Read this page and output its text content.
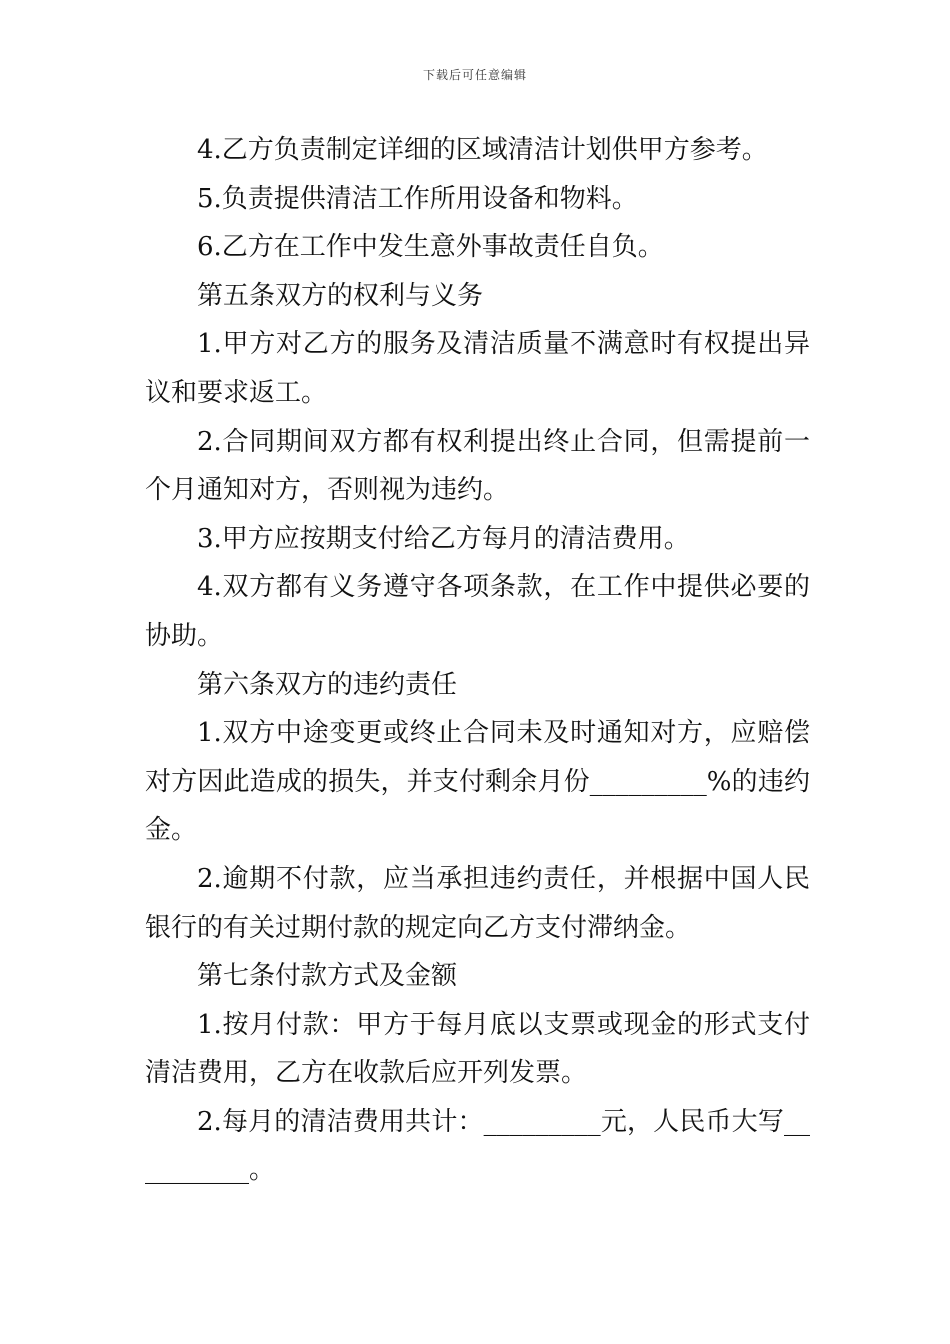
下载后可任意编辑

4.乙方负责制定详细的区域清洁计划供甲方参考。

5.负责提供清洁工作所用设备和物料。

6.乙方在工作中发生意外事故责任自负。

第五条双方的权利与义务

1.甲方对乙方的服务及清洁质量不满意时有权提出异议和要求返工。

2.合同期间双方都有权利提出终止合同，但需提前一个月通知对方，否则视为违约。

3.甲方应按期支付给乙方每月的清洁费用。

4.双方都有义务遵守各项条款，在工作中提供必要的协助。

第六条双方的违约责任

1.双方中途变更或终止合同未及时通知对方，应赔偿对方因此造成的损失，并支付剩余月份_________%的违约金。

2.逾期不付款，应当承担违约责任，并根据中国人民银行的有关过期付款的规定向乙方支付滞纳金。

第七条付款方式及金额

1.按月付款：甲方于每月底以支票或现金的形式支付清洁费用，乙方在收款后应开列发票。

2.每月的清洁费用共计：_________元，人民币大写__________。
